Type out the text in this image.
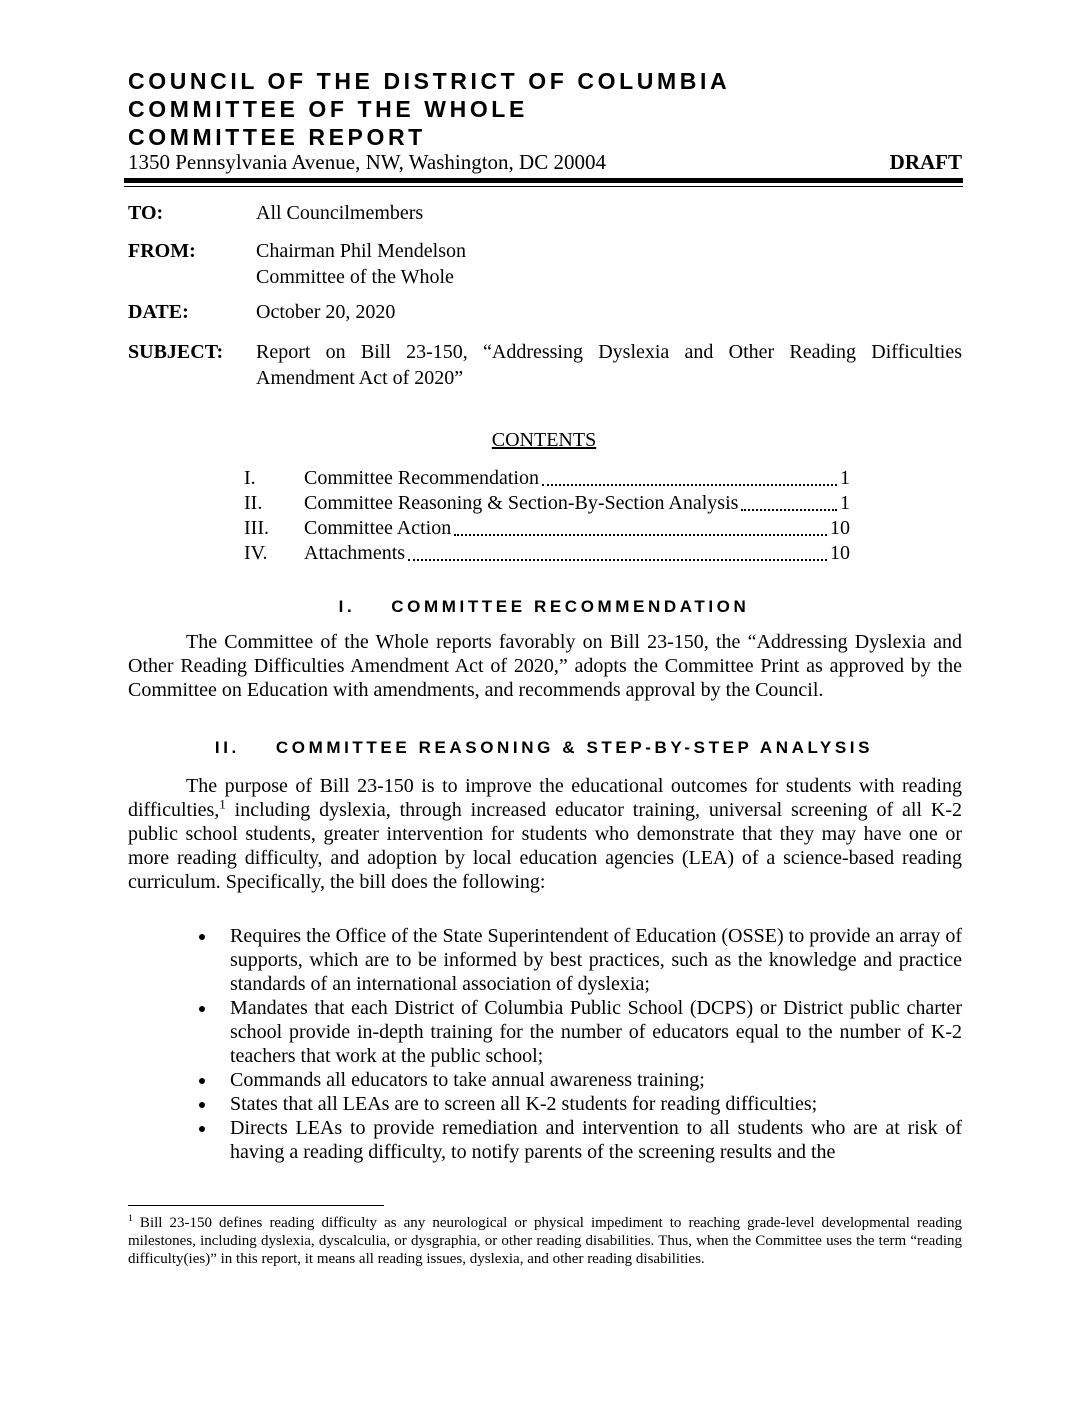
COUNCIL OF THE DISTRICT OF COLUMBIA
COMMITTEE OF THE WHOLE
COMMITTEE REPORT
1350 Pennsylvania Avenue, NW, Washington, DC 20004	DRAFT
TO:	All Councilmembers
FROM:	Chairman Phil Mendelson
Committee of the Whole
DATE:	October 20, 2020
SUBJECT: Report on Bill 23-150, “Addressing Dyslexia and Other Reading Difficulties Amendment Act of 2020”
CONTENTS
I.	Committee Recommendation	1
II.	Committee Reasoning & Section-By-Section Analysis	1
III.	Committee Action	10
IV.	Attachments	10
I. COMMITTEE RECOMMENDATION

The Committee of the Whole reports favorably on Bill 23-150, the “Addressing Dyslexia and Other Reading Difficulties Amendment Act of 2020,” adopts the Committee Print as approved by the Committee on Education with amendments, and recommends approval by the Council.

II. COMMITTEE REASONING & STEP-BY-STEP ANALYSIS

The purpose of Bill 23-150 is to improve the educational outcomes for students with reading difficulties,$^1$ including dyslexia, through increased educator training, universal screening of all K-2 public school students, greater intervention for students who demonstrate that they may have one or more reading difficulty, and adoption by local education agencies (LEA) of a science-based reading curriculum. Specifically, the bill does the following:

Requires the Office of the State Superintendent of Education (OSSE) to provide an array of supports, which are to be informed by best practices, such as the knowledge and practice standards of an international association of dyslexia;
Mandates that each District of Columbia Public School (DCPS) or District public charter school provide in-depth training for the number of educators equal to the number of K-2 teachers that work at the public school;
Commands all educators to take annual awareness training;
States that all LEAs are to screen all K-2 students for reading difficulties;
Directs LEAs to provide remediation and intervention to all students who are at risk of having a reading difficulty, to notify parents of the screening results and the

$^1$ Bill 23-150 defines reading difficulty as any neurological or physical impediment to reaching grade-level developmental reading milestones, including dyslexia, dyscalculia, or dysgraphia, or other reading disabilities. Thus, when the Committee uses the term “reading difficulty(ies)” in this report, it means all reading issues, dyslexia, and other reading disabilities.
